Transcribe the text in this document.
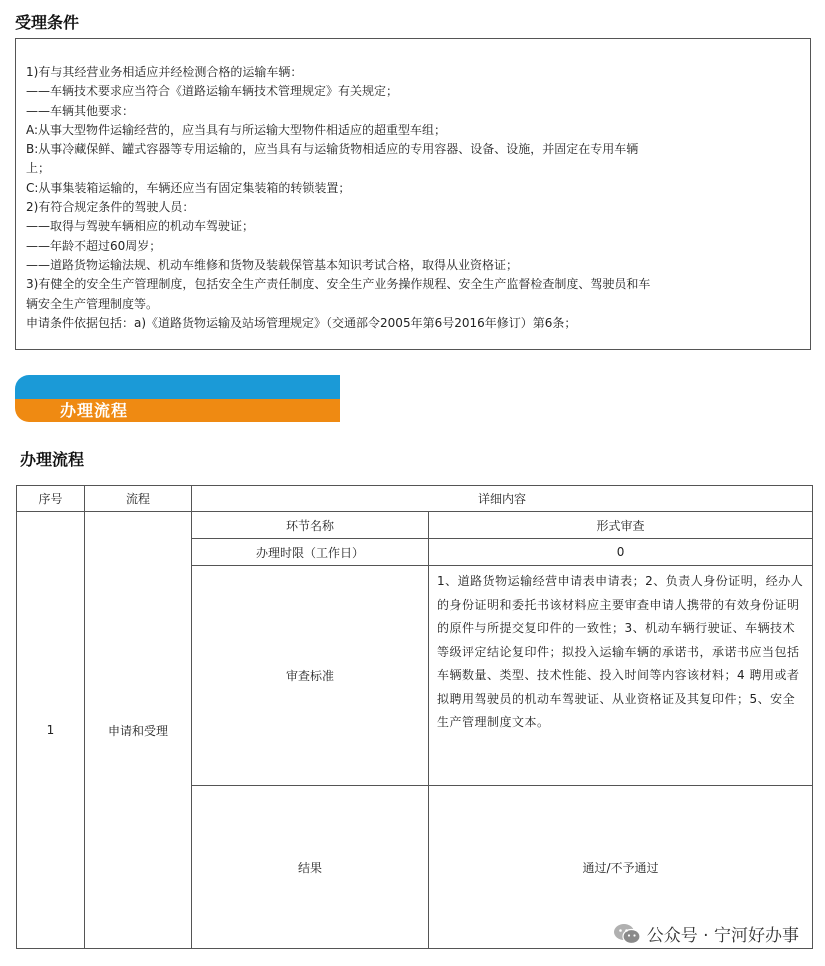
受理条件
1)有与其经营业务相适应并经检测合格的运输车辆：
——车辆技术要求应当符合《道路运输车辆技术管理规定》有关规定；
——车辆其他要求：
A:从事大型物件运输经营的，应当具有与所运输大型物件相适应的超重型车组；
B:从事冷藏保鲜、罐式容器等专用运输的，应当具有与运输货物相适应的专用容器、设备、设施，并固定在专用车辆
上；
C:从事集装箱运输的，车辆还应当有固定集装箱的转锁装置；
2)有符合规定条件的驾驶人员：
——取得与驾驶车辆相应的机动车驾驶证；
——年龄不超过60周岁；
——道路货物运输法规、机动车维修和货物及装载保管基本知识考试合格，取得从业资格证；
3)有健全的安全生产管理制度，包括安全生产责任制度、安全生产业务操作规程、安全生产监督检查制度、驾驶员和车
辆安全生产管理制度等。
申请条件依据包括：a)《道路货物运输及站场管理规定》（交通部令2005年第6号2016年修订）第6条；
办理流程
办理流程
序号	流程	详细内容	
1	申请和受理	环节名称	形式审查
		办理时限（工作日）	0
		审查标准	1、道路货物运输经营申请表申请表；2、负责人身份证明，经办人的身份证明和委托书该材料应主要审查申请人携带的有效身份证明的原件与所提交复印件的一致性；3、机动车辆行驶证、车辆技术等级评定结论复印件；拟投入运输车辆的承诺书，承诺书应当包括车辆数量、类型、技术性能、投入时间等内容该材料；4 聘用或者拟聘用驾驶员的机动车驾驶证、从业资格证及其复印件；5、安全生产管理制度文本。
		结果	通过/不予通过
公众号 · 宁河好办事
